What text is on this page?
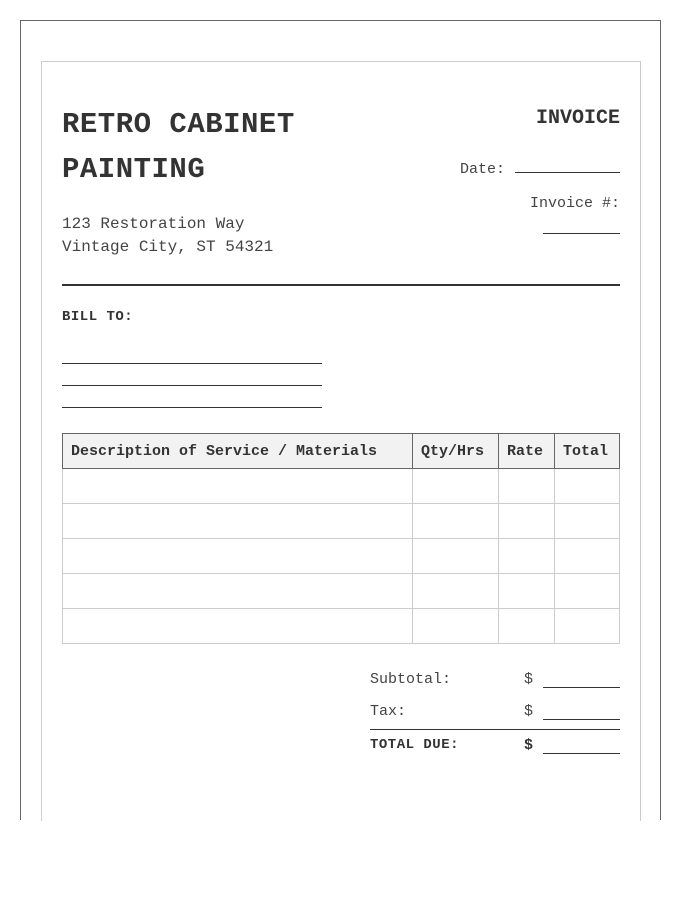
RETRO CABINET
PAINTING
123 Restoration Way
Vintage City, ST 54321
INVOICE
Date:
Invoice #:
BILL TO:
Description of Service / Materials	Qty/Hrs	Rate	Total

Subtotal:	$
Tax:	$
TOTAL DUE:	$
